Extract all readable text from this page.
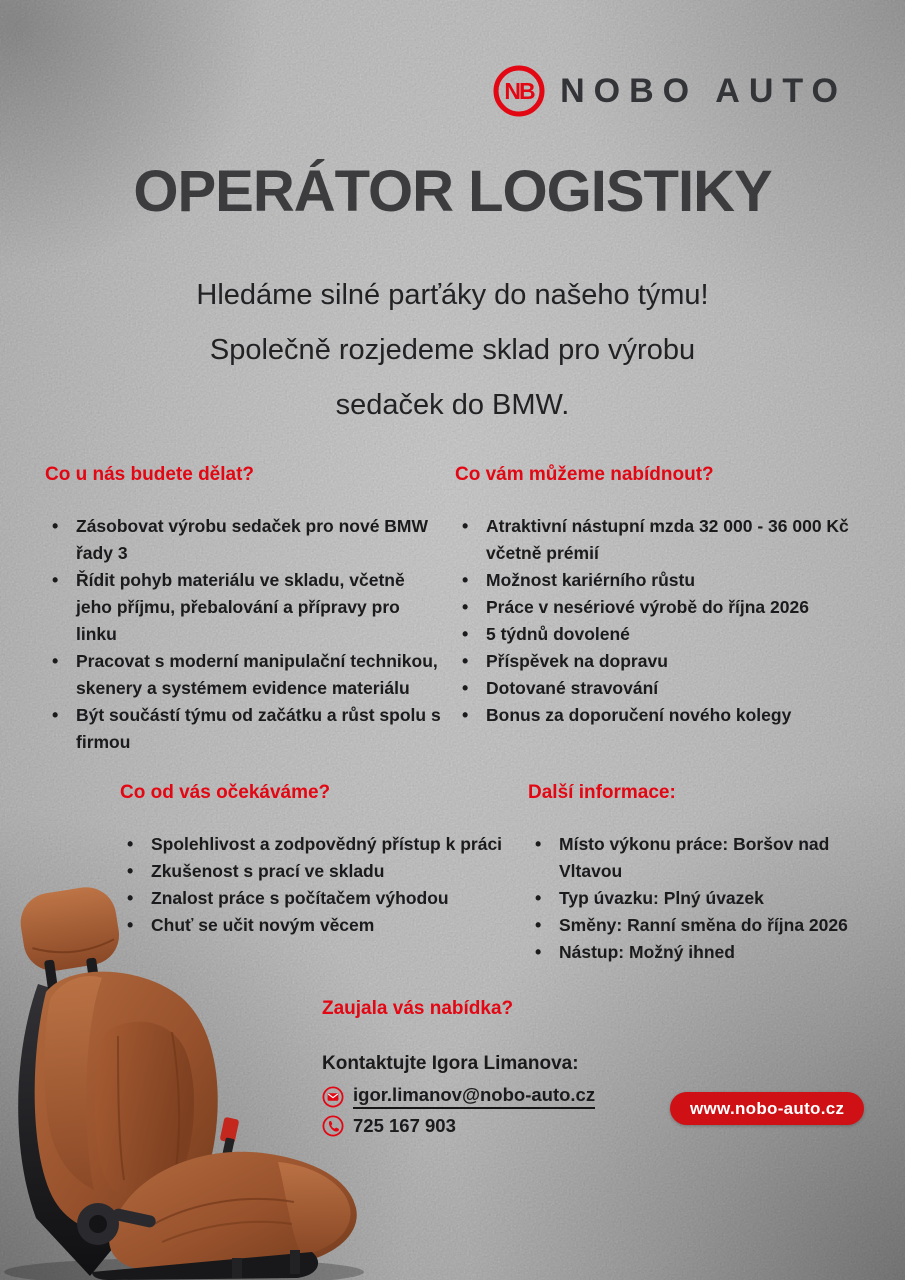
NB NOBO AUTO
OPERÁTOR LOGISTIKY
Hledáme silné parťáky do našeho týmu!
Společně rozjedeme sklad pro výrobu
sedaček do BMW.
Co u nás budete dělat?
• Zásobovat výrobu sedaček pro nové BMW řady 3
• Řídit pohyb materiálu ve skladu, včetně jeho příjmu, přebalování a přípravy pro linku
• Pracovat s moderní manipulační technikou, skenery a systémem evidence materiálu
• Být součástí týmu od začátku a růst spolu s firmou
Co vám můžeme nabídnout?
• Atraktivní nástupní mzda 32 000 - 36 000 Kč včetně prémií
• Možnost kariérního růstu
• Práce v nesériové výrobě do října 2026
• 5 týdnů dovolené
• Příspěvek na dopravu
• Dotované stravování
• Bonus za doporučení nového kolegy
Co od vás očekáváme?
• Spolehlivost a zodpovědný přístup k práci
• Zkušenost s prací ve skladu
• Znalost práce s počítačem výhodou
• Chuť se učit novým věcem
Další informace:
• Místo výkonu práce: Boršov nad Vltavou
• Typ úvazku: Plný úvazek
• Směny: Ranní směna do října 2026
• Nástup: Možný ihned
Zaujala vás nabídka?
Kontaktujte Igora Limanova:
igor.limanov@nobo-auto.cz
725 167 903
www.nobo-auto.cz
